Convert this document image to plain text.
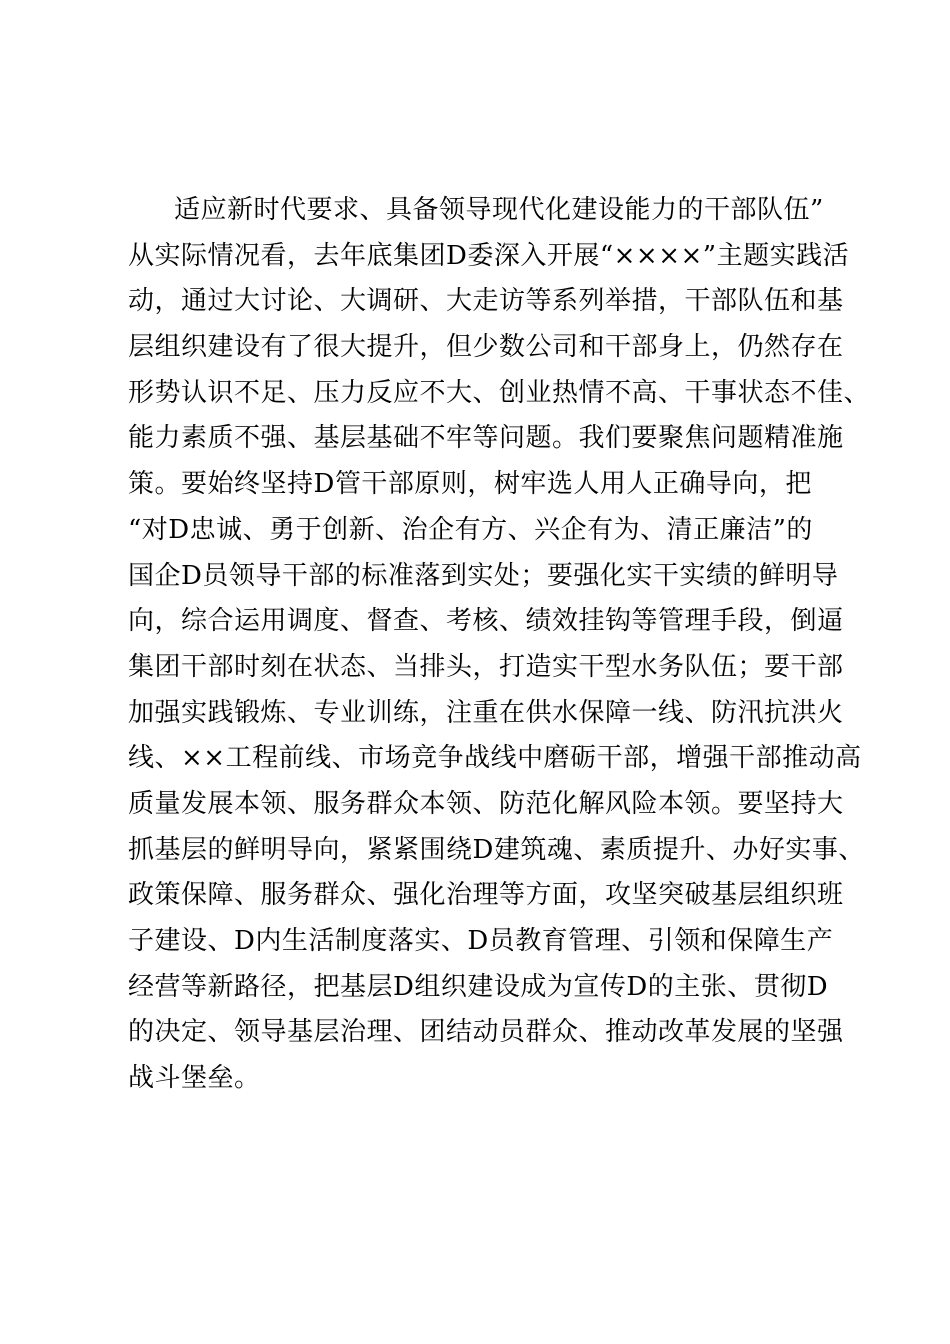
适应新时代要求、具备领导现代化建设能力的干部队伍”
从实际情况看，去年底集团D委深入开展“××××”主题实践活
动，通过大讨论、大调研、大走访等系列举措，干部队伍和基
层组织建设有了很大提升，但少数公司和干部身上，仍然存在
形势认识不足、压力反应不大、创业热情不高、干事状态不佳、
能力素质不强、基层基础不牢等问题。我们要聚焦问题精准施
策。要始终坚持D管干部原则，树牢选人用人正确导向，把
“对D忠诚、勇于创新、治企有方、兴企有为、清正廉洁”的
国企D员领导干部的标准落到实处；要强化实干实绩的鲜明导
向，综合运用调度、督查、考核、绩效挂钩等管理手段，倒逼
集团干部时刻在状态、当排头，打造实干型水务队伍；要干部
加强实践锻炼、专业训练，注重在供水保障一线、防汛抗洪火
线、××工程前线、市场竞争战线中磨砺干部，增强干部推动高
质量发展本领、服务群众本领、防范化解风险本领。要坚持大
抓基层的鲜明导向，紧紧围绕D建筑魂、素质提升、办好实事、
政策保障、服务群众、强化治理等方面，攻坚突破基层组织班
子建设、D内生活制度落实、D员教育管理、引领和保障生产
经营等新路径，把基层D组织建设成为宣传D的主张、贯彻D
的决定、领导基层治理、团结动员群众、推动改革发展的坚强
战斗堡垒。
